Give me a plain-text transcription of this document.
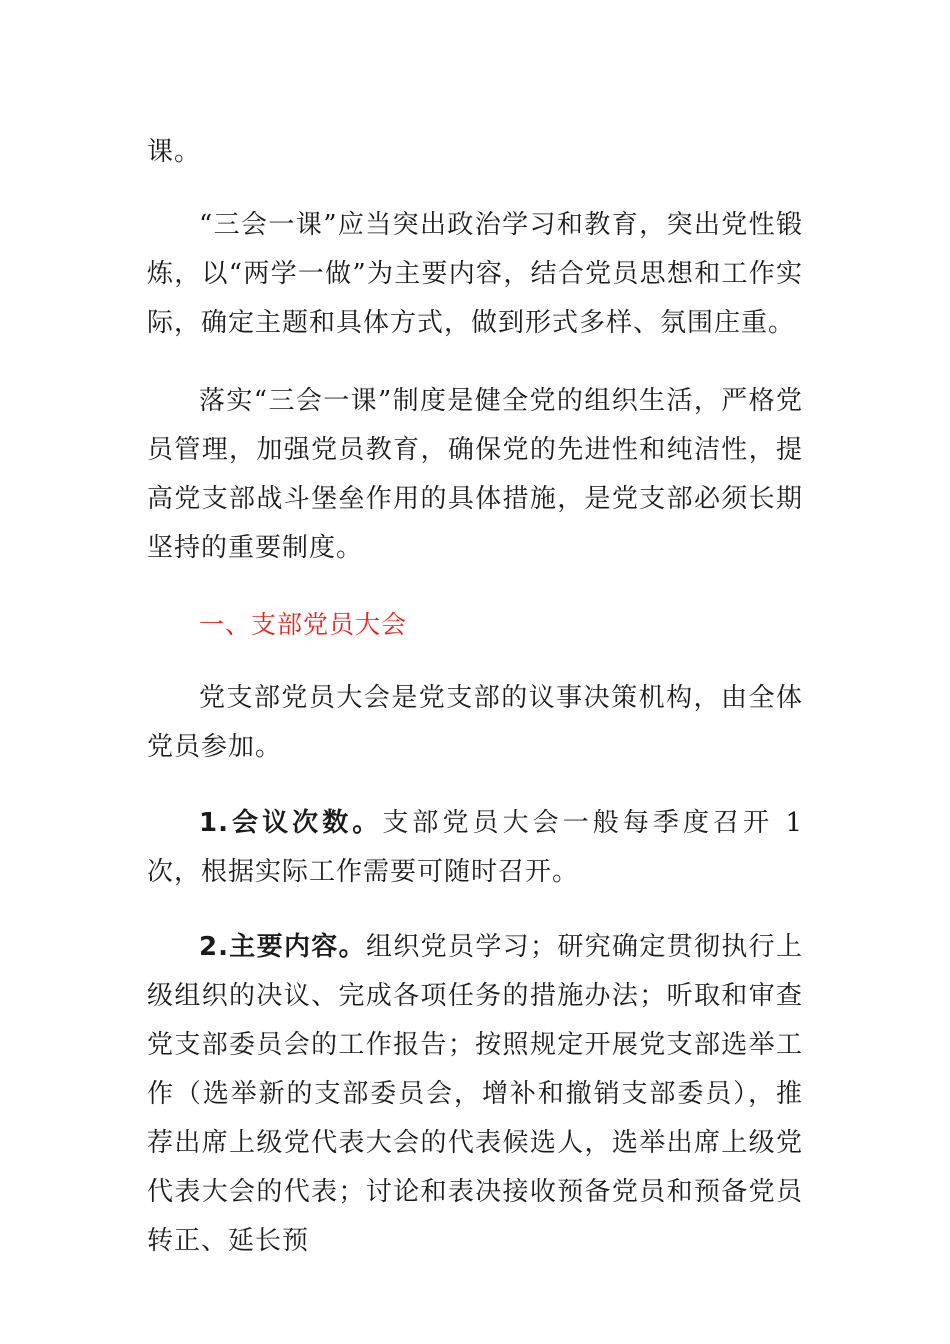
课。

“三会一课”应当突出政治学习和教育，突出党性锻炼，以“两学一做”为主要内容，结合党员思想和工作实际，确定主题和具体方式，做到形式多样、氛围庄重。

落实“三会一课”制度是健全党的组织生活，严格党员管理，加强党员教育，确保党的先进性和纯洁性，提高党支部战斗堡垒作用的具体措施，是党支部必须长期坚持的重要制度。

一、支部党员大会

党支部党员大会是党支部的议事决策机构，由全体党员参加。

1.会议次数。支部党员大会一般每季度召开 1 次，根据实际工作需要可随时召开。

2.主要内容。组织党员学习；研究确定贯彻执行上级组织的决议、完成各项任务的措施办法；听取和审查党支部委员会的工作报告；按照规定开展党支部选举工作（选举新的支部委员会，增补和撤销支部委员），推荐出席上级党代表大会的代表候选人，选举出席上级党代表大会的代表；讨论和表决接收预备党员和预备党员转正、延长预
